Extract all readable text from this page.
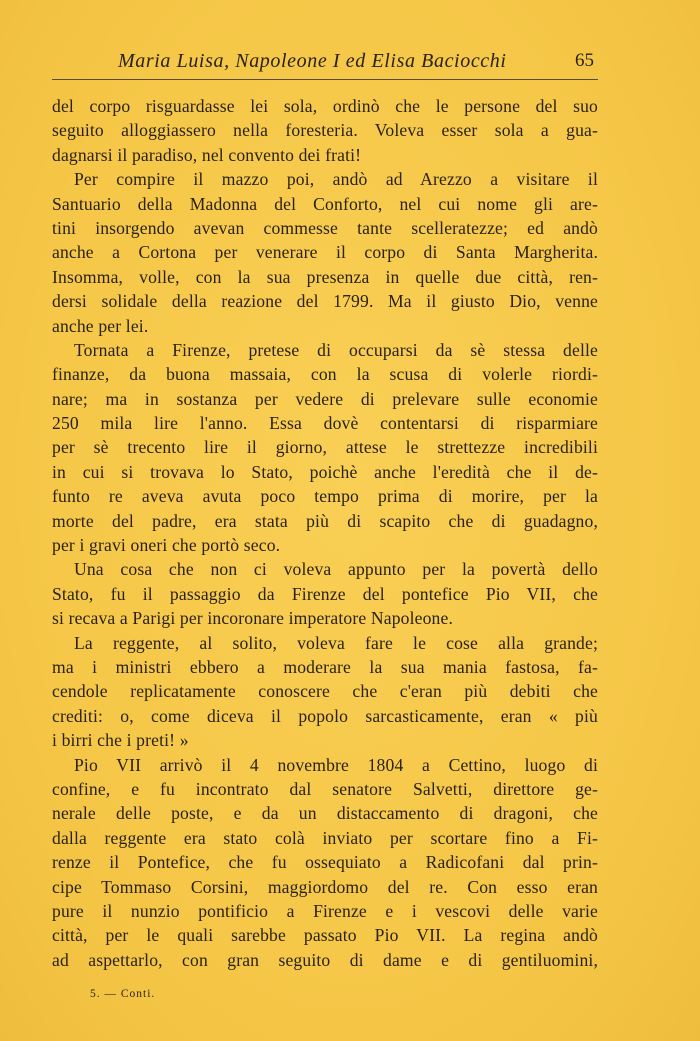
Maria Luisa, Napoleone I ed Elisa Baciocchi	65
del corpo risguardasse lei sola, ordinò che le persone del suo
seguito alloggiassero nella foresteria. Voleva esser sola a gua-
dagnarsi il paradiso, nel convento dei frati!
Per compire il mazzo poi, andò ad Arezzo a visitare il
Santuario della Madonna del Conforto, nel cui nome gli are-
tini insorgendo avevan commesse tante scelleratezze; ed andò
anche a Cortona per venerare il corpo di Santa Margherita.
Insomma, volle, con la sua presenza in quelle due città, ren-
dersi solidale della reazione del 1799. Ma il giusto Dio, venne
anche per lei.
Tornata a Firenze, pretese di occuparsi da sè stessa delle
finanze, da buona massaia, con la scusa di volerle riordi-
nare; ma in sostanza per vedere di prelevare sulle economie
250 mila lire l'anno. Essa dovè contentarsi di risparmiare
per sè trecento lire il giorno, attese le strettezze incredibili
in cui si trovava lo Stato, poichè anche l'eredità che il de-
funto re aveva avuta poco tempo prima di morire, per la
morte del padre, era stata più di scapito che di guadagno,
per i gravi oneri che portò seco.
Una cosa che non ci voleva appunto per la povertà dello
Stato, fu il passaggio da Firenze del pontefice Pio VII, che
si recava a Parigi per incoronare imperatore Napoleone.
La reggente, al solito, voleva fare le cose alla grande;
ma i ministri ebbero a moderare la sua mania fastosa, fa-
cendole replicatamente conoscere che c'eran più debiti che
crediti: o, come diceva il popolo sarcasticamente, eran « più
i birri che i preti! »
Pio VII arrivò il 4 novembre 1804 a Cettino, luogo di
confine, e fu incontrato dal senatore Salvetti, direttore ge-
nerale delle poste, e da un distaccamento di dragoni, che
dalla reggente era stato colà inviato per scortare fino a Fi-
renze il Pontefice, che fu ossequiato a Radicofani dal prin-
cipe Tommaso Corsini, maggiordomo del re. Con esso eran
pure il nunzio pontificio a Firenze e i vescovi delle varie
città, per le quali sarebbe passato Pio VII. La regina andò
ad aspettarlo, con gran seguito di dame e di gentiluomini,
5. — Conti.
